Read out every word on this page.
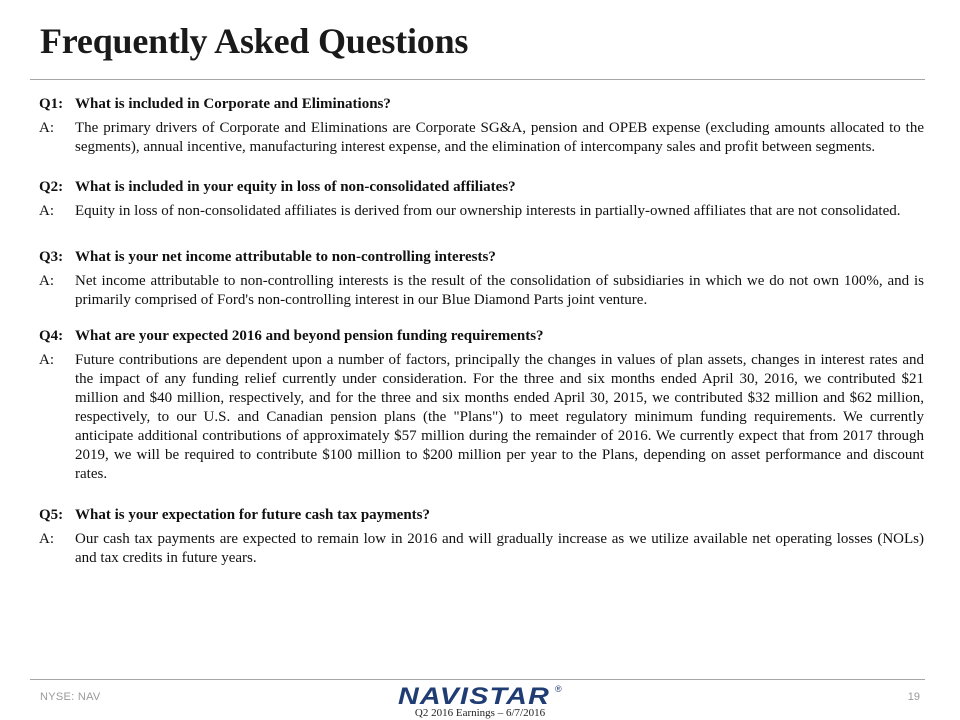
Frequently Asked Questions
Q1: What is included in Corporate and Eliminations?
A:	The primary drivers of Corporate and Eliminations are Corporate SG&A, pension and OPEB expense (excluding amounts allocated to the segments), annual incentive, manufacturing interest expense, and the elimination of intercompany sales and profit between segments.
Q2: What is included in your equity in loss of non-consolidated affiliates?
A:	Equity in loss of non-consolidated affiliates is derived from our ownership interests in partially-owned affiliates that are not consolidated.
Q3: What is your net income attributable to non-controlling interests?
A:	Net income attributable to non-controlling interests is the result of the consolidation of subsidiaries in which we do not own 100%, and is primarily comprised of Ford's non-controlling interest in our Blue Diamond Parts joint venture.
Q4: What are your expected 2016 and beyond pension funding requirements?
A:	Future contributions are dependent upon a number of factors, principally the changes in values of plan assets, changes in interest rates and the impact of any funding relief currently under consideration. For the three and six months ended April 30, 2016, we contributed $21 million and $40 million, respectively, and for the three and six months ended April 30, 2015, we contributed $32 million and $62 million, respectively, to our U.S. and Canadian pension plans (the "Plans") to meet regulatory minimum funding requirements. We currently anticipate additional contributions of approximately $57 million during the remainder of 2016. We currently expect that from 2017 through 2019, we will be required to contribute $100 million to $200 million per year to the Plans, depending on asset performance and discount rates.
Q5: What is your expectation for future cash tax payments?
A:	Our cash tax payments are expected to remain low in 2016 and will gradually increase as we utilize available net operating losses (NOLs) and tax credits in future years.
NYSE: NAV	19
NAVISTAR ®
Q2 2016 Earnings – 6/7/2016
